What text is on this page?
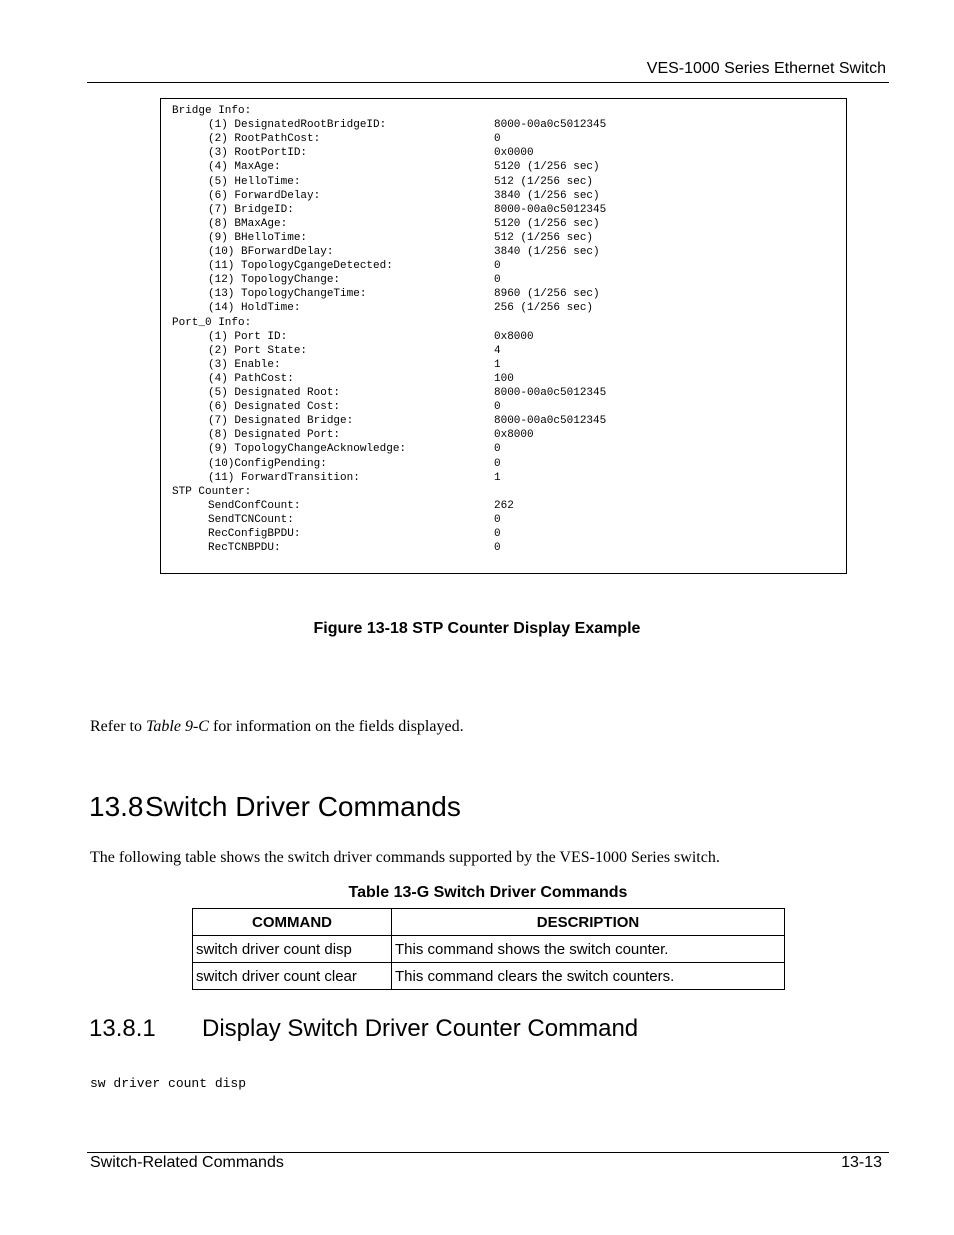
VES-1000 Series Ethernet Switch
Bridge Info:
(1) DesignatedRootBridgeID:	8000-00a0c5012345
(2) RootPathCost:	0
(3) RootPortID:	0x0000
(4) MaxAge:	5120 (1/256 sec)
(5) HelloTime:	512 (1/256 sec)
(6) ForwardDelay:	3840 (1/256 sec)
(7) BridgeID:	8000-00a0c5012345
(8) BMaxAge:	5120 (1/256 sec)
(9) BHelloTime:	512 (1/256 sec)
(10) BForwardDelay:	3840 (1/256 sec)
(11) TopologyCgangeDetected:	0
(12) TopologyChange:	0
(13) TopologyChangeTime:	8960 (1/256 sec)
(14) HoldTime:	256 (1/256 sec)
Port_0 Info:
(1) Port ID:	0x8000
(2) Port State:	4
(3) Enable:	1
(4) PathCost:	100
(5) Designated Root:	8000-00a0c5012345
(6) Designated Cost:	0
(7) Designated Bridge:	8000-00a0c5012345
(8) Designated Port:	0x8000
(9) TopologyChangeAcknowledge:	0
(10)ConfigPending:	0
(11) ForwardTransition:	1
STP Counter:
SendConfCount:	262
SendTCNCount:	0
RecConfigBPDU:	0
RecTCNBPDU:	0
Figure 13-18 STP Counter Display Example
Refer to Table 9-C for information on the fields displayed.
13.8Switch Driver Commands
The following table shows the switch driver commands supported by the VES-1000 Series switch.
Table 13-G Switch Driver Commands
COMMAND	DESCRIPTION
switch driver count disp	This command shows the switch counter.
switch driver count clear	This command clears the switch counters.
13.8.1 Display Switch Driver Counter Command
sw driver count disp
Switch-Related Commands	13-13
